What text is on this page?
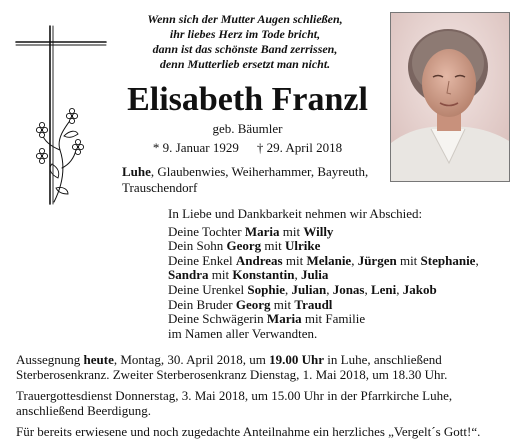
Wenn sich der Mutter Augen schließen,
ihr liebes Herz im Tode bricht,
dann ist das schönste Band zerrissen,
denn Mutterlieb ersetzt man nicht.
Elisabeth Franzl
geb. Bäumler
* 9. Januar 1929 † 29. April 2018
Luhe, Glaubenwies, Weiherhammer, Bayreuth, Trauschendorf
In Liebe und Dankbarkeit nehmen wir Abschied:
Deine Tochter Maria mit Willy
Dein Sohn Georg mit Ulrike
Deine Enkel Andreas mit Melanie, Jürgen mit Stephanie,
Sandra mit Konstantin, Julia
Deine Urenkel Sophie, Julian, Jonas, Leni, Jakob
Dein Bruder Georg mit Traudl
Deine Schwägerin Maria mit Familie
im Namen aller Verwandten.

Aussegnung heute, Montag, 30. April 2018, um 19.00 Uhr in Luhe, anschließend Sterberosenkranz. Zweiter Sterberosenkranz Dienstag, 1. Mai 2018, um 18.30 Uhr.

Trauergottesdienst Donnerstag, 3. Mai 2018, um 15.00 Uhr in der Pfarrkirche Luhe, anschließend Beerdigung.

Für bereits erwiesene und noch zugedachte Anteilnahme ein herzliches „Vergelt´s Gott!“.
